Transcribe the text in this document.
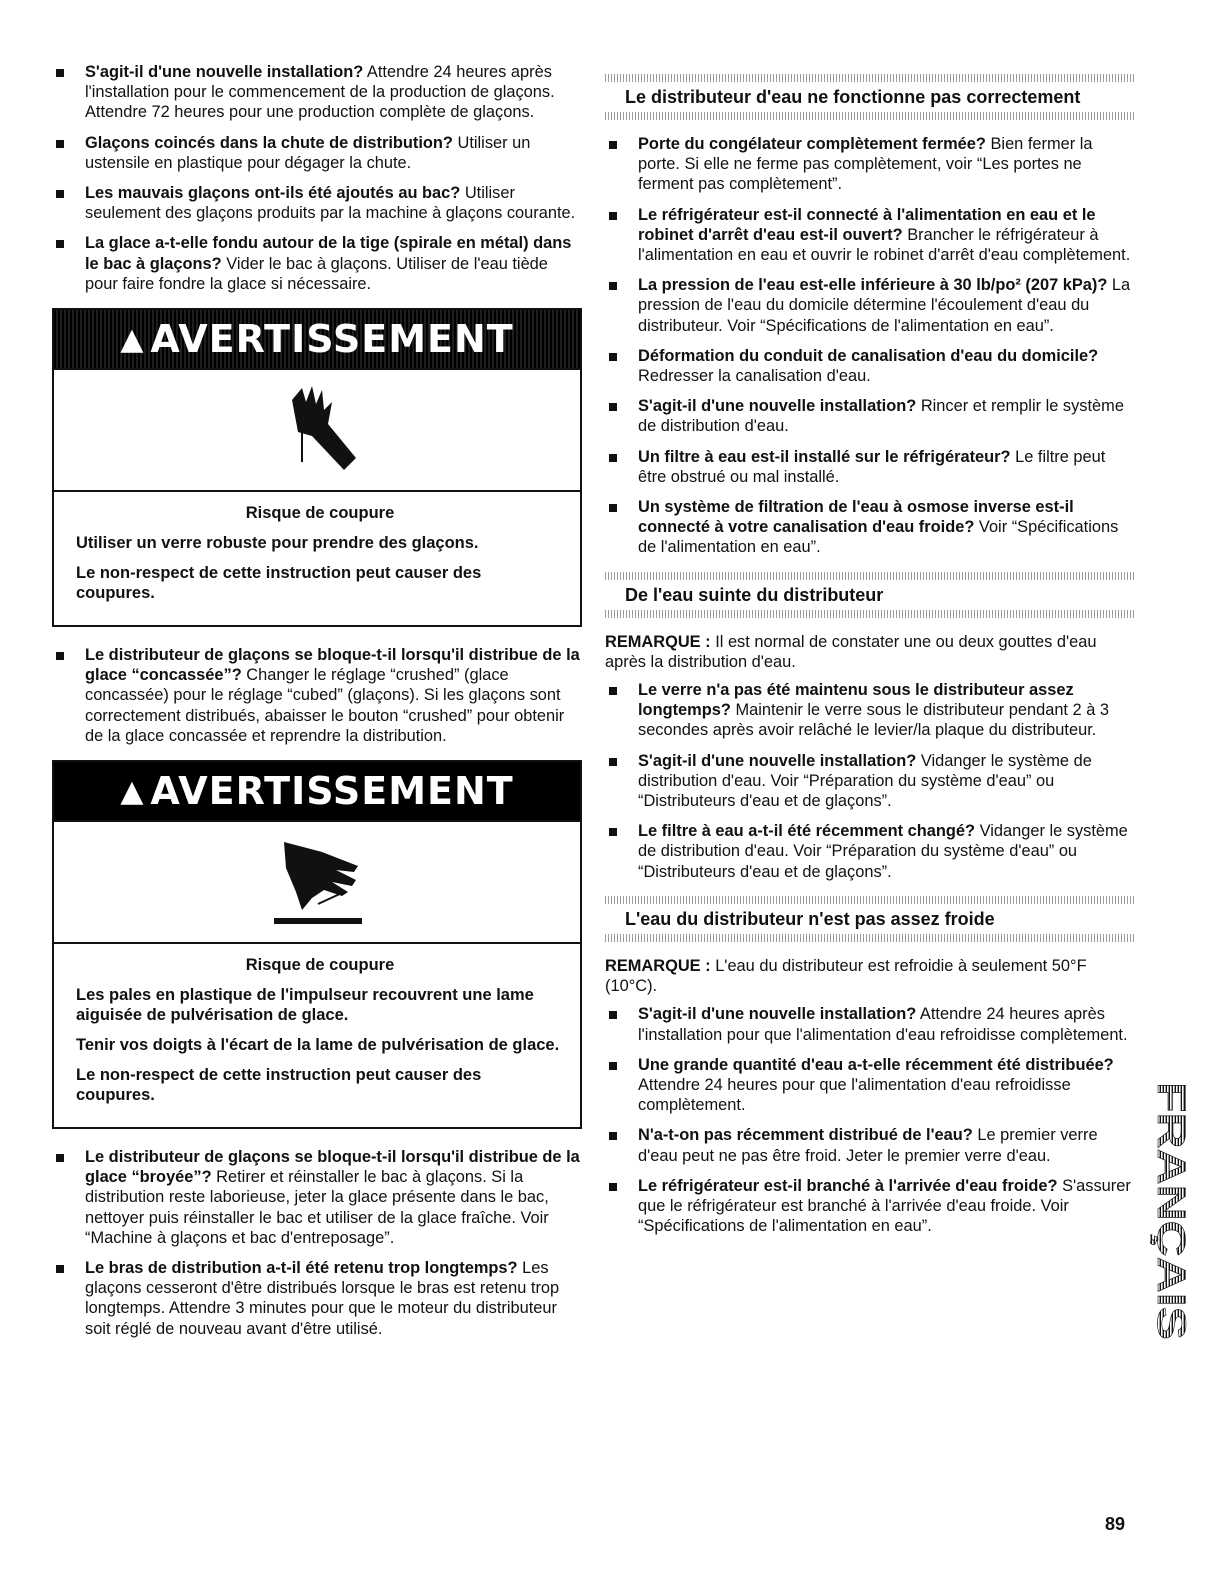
S'agit-il d'une nouvelle installation? Attendre 24 heures après l'installation pour le commencement de la production de glaçons. Attendre 72 heures pour une production complète de glaçons.
Glaçons coincés dans la chute de distribution? Utiliser un ustensile en plastique pour dégager la chute.
Les mauvais glaçons ont-ils été ajoutés au bac? Utiliser seulement des glaçons produits par la machine à glaçons courante.
La glace a-t-elle fondu autour de la tige (spirale en métal) dans le bac à glaçons? Vider le bac à glaçons. Utiliser de l'eau tiède pour faire fondre la glace si nécessaire.
▲ AVERTISSEMENT
Risque de coupure
Utiliser un verre robuste pour prendre des glaçons.
Le non-respect de cette instruction peut causer des coupures.
Le distributeur de glaçons se bloque-t-il lorsqu'il distribue de la glace “concassée”? Changer le réglage “crushed” (glace concassée) pour le réglage “cubed” (glaçons). Si les glaçons sont correctement distribués, abaisser le bouton “crushed” pour obtenir de la glace concassée et reprendre la distribution.
▲ AVERTISSEMENT
Risque de coupure
Les pales en plastique de l'impulseur recouvrent une lame aiguisée de pulvérisation de glace.
Tenir vos doigts à l'écart de la lame de pulvérisation de glace.
Le non-respect de cette instruction peut causer des coupures.
Le distributeur de glaçons se bloque-t-il lorsqu'il distribue de la glace “broyée”? Retirer et réinstaller le bac à glaçons. Si la distribution reste laborieuse, jeter la glace présente dans le bac, nettoyer puis réinstaller le bac et utiliser de la glace fraîche. Voir “Machine à glaçons et bac d'entreposage”.
Le bras de distribution a-t-il été retenu trop longtemps? Les glaçons cesseront d'être distribués lorsque le bras est retenu trop longtemps. Attendre 3 minutes pour que le moteur du distributeur soit réglé de nouveau avant d'être utilisé.
Le distributeur d'eau ne fonctionne pas correctement
Porte du congélateur complètement fermée? Bien fermer la porte. Si elle ne ferme pas complètement, voir “Les portes ne ferment pas complètement”.
Le réfrigérateur est-il connecté à l'alimentation en eau et le robinet d'arrêt d'eau est-il ouvert? Brancher le réfrigérateur à l'alimentation en eau et ouvrir le robinet d'arrêt d'eau complètement.
La pression de l'eau est-elle inférieure à 30 lb/po² (207 kPa)? La pression de l'eau du domicile détermine l'écoulement d'eau du distributeur. Voir “Spécifications de l'alimentation en eau”.
Déformation du conduit de canalisation d'eau du domicile? Redresser la canalisation d'eau.
S'agit-il d'une nouvelle installation? Rincer et remplir le système de distribution d'eau.
Un filtre à eau est-il installé sur le réfrigérateur? Le filtre peut être obstrué ou mal installé.
Un système de filtration de l'eau à osmose inverse est-il connecté à votre canalisation d'eau froide? Voir “Spécifications de l'alimentation en eau”.
De l'eau suinte du distributeur
REMARQUE : Il est normal de constater une ou deux gouttes d'eau après la distribution d'eau.
Le verre n'a pas été maintenu sous le distributeur assez longtemps? Maintenir le verre sous le distributeur pendant 2 à 3 secondes après avoir relâché le levier/la plaque du distributeur.
S'agit-il d'une nouvelle installation? Vidanger le système de distribution d'eau. Voir “Préparation du système d'eau” ou “Distributeurs d'eau et de glaçons”.
Le filtre à eau a-t-il été récemment changé? Vidanger le système de distribution d'eau. Voir “Préparation du système d'eau” ou “Distributeurs d'eau et de glaçons”.
L'eau du distributeur n'est pas assez froide
REMARQUE : L'eau du distributeur est refroidie à seulement 50°F (10°C).
S'agit-il d'une nouvelle installation? Attendre 24 heures après l'installation pour que l'alimentation d'eau refroidisse complètement.
Une grande quantité d'eau a-t-elle récemment été distribuée? Attendre 24 heures pour que l'alimentation d'eau refroidisse complètement.
N'a-t-on pas récemment distribué de l'eau? Le premier verre d'eau peut ne pas être froid. Jeter le premier verre d'eau.
Le réfrigérateur est-il branché à l'arrivée d'eau froide? S'assurer que le réfrigérateur est branché à l'arrivée d'eau froide. Voir “Spécifications de l'alimentation en eau”.	FRANÇAIS
89
